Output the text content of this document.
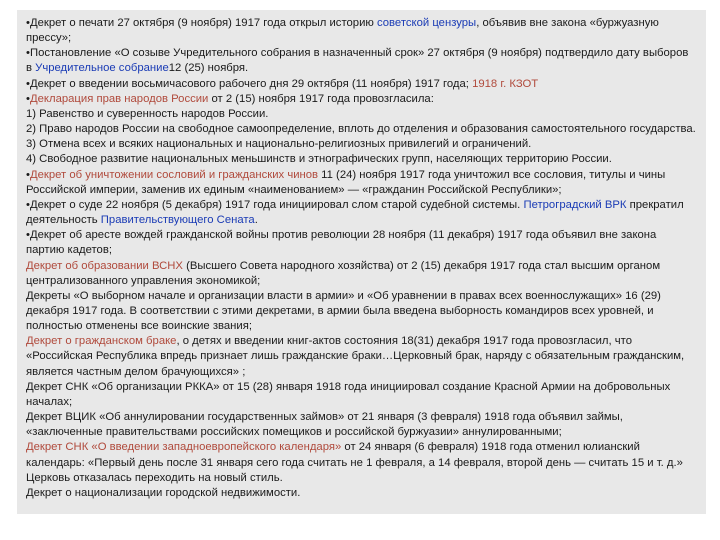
•Декрет о печати 27 октября (9 ноября) 1917 года открыл историю советской цензуры, объявив вне закона «буржуазную прессу»;

•Постановление «О созыве Учредительного собрания в назначенный срок» 27 октября (9 ноября) подтвердило дату выборов в Учредительное собрание12 (25) ноября.

•Декрет о введении восьмичасового рабочего дня 29 октября (11 ноября) 1917 года; 1918 г. КЗОТ

•Декларация прав народов России от 2 (15) ноября 1917 года провозгласила:

1) Равенство и суверенность народов России.

2) Право народов России на свободное самоопределение, вплоть до отделения и образования самостоятельного государства.

3) Отмена всех и всяких национальных и национально-религиозных привилегий и ограничений.

4) Свободное развитие национальных меньшинств и этнографических групп, населяющих территорию России.

•Декрет об уничтожении сословий и гражданских чинов 11 (24) ноября 1917 года уничтожил все сословия, титулы и чины Российской империи, заменив их единым «наименованием» — «гражданин Российской Республики»;

•Декрет о суде 22 ноября (5 декабря) 1917 года инициировал слом старой судебной системы. Петроградский ВРК прекратил деятельность Правительствующего Сената.

•Декрет об аресте вождей гражданской войны против революции 28 ноября (11 декабря) 1917 года объявил вне закона партию кадетов;

Декрет об образовании ВСНХ (Высшего Совета народного хозяйства) от 2 (15) декабря 1917 года стал высшим органом централизованного управления экономикой;

Декреты «О выборном начале и организации власти в армии» и «Об уравнении в правах всех военнослужащих» 16 (29) декабря 1917 года. В соответствии с этими декретами, в армии была введена выборность командиров всех уровней, и полностью отменены все воинские звания;

Декрет о гражданском браке, о детях и введении книг-актов состояния 18(31) декабря 1917 года провозгласил, что «Российская Республика впредь признает лишь гражданские браки…Церковный брак, наряду с обязательным гражданским, является частным делом брачующихся» ;

Декрет СНК «Об организации РККА» от 15 (28) января 1918 года инициировал создание Красной Армии на добровольных началах;

Декрет ВЦИК «Об аннулировании государственных займов» от 21 января (3 февраля) 1918 года объявил займы, «заключенные правительствами российских помещиков и российской буржуазии» аннулированными;

Декрет СНК «О введении западноевропейского календаря» от 24 января (6 февраля) 1918 года отменил юлианский календарь: «Первый день после 31 января сего года считать не 1 февраля, а 14 февраля, второй день — считать 15 и т. д.» Церковь отказалась переходить на новый стиль.

Декрет о национализации городской недвижимости.
